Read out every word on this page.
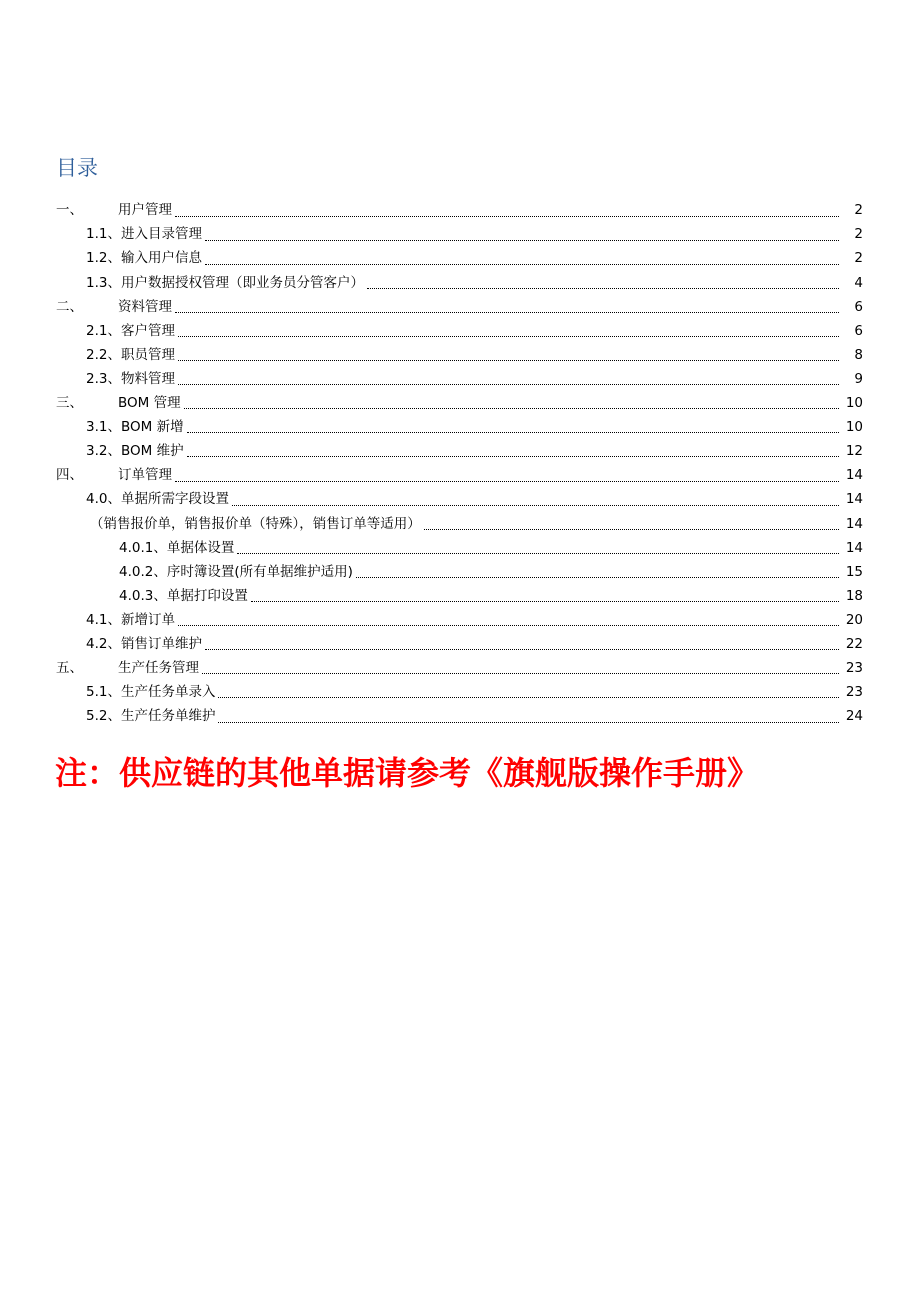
目录
一、	用户管理	2
1.1、 进入目录管理	2
1.2、 输入用户信息	2
1.3、 用户数据授权管理（即业务员分管客户）	4
二、	资料管理	6
2.1、 客户管理	6
2.2、 职员管理	8
2.3、 物料管理	9
三、	BOM 管理	10
3.1、 BOM 新增	10
3.2、 BOM 维护	12
四、	订单管理	14
4.0、 单据所需字段设置	14
（销售报价单，销售报价单（特殊），销售订单等适用）	14
4.0.1、 单据体设置	14
4.0.2、 序时簿设置(所有单据维护适用)	15
4.0.3、 单据打印设置	18
4.1、 新增订单	20
4.2、 销售订单维护	22
五、	生产任务管理	23
5.1、 生产任务单录入	23
5.2、 生产任务单维护	24

注：供应链的其他单据请参考《旗舰版操作手册》
